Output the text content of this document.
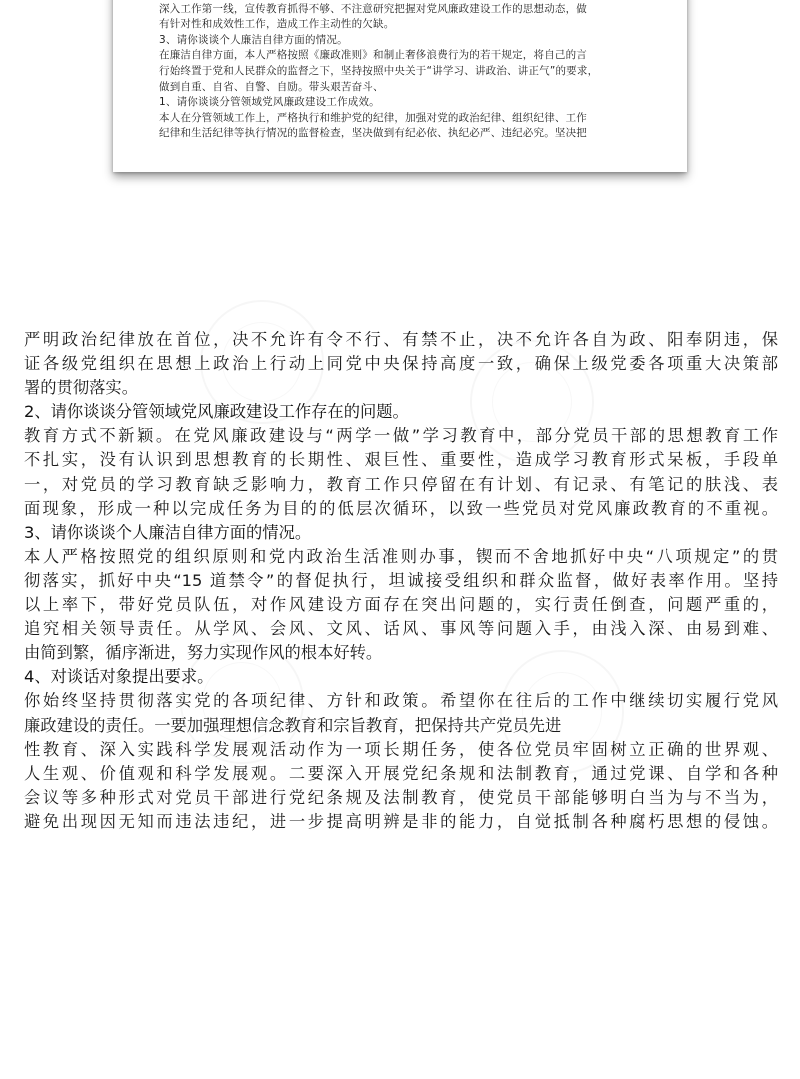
深入工作第一线，宣传教育抓得不够、不注意研究把握对党风廉政建设工作的思想动态，做
有针对性和成效性工作，造成工作主动性的欠缺。
3、请你谈谈个人廉洁自律方面的情况。
在廉洁自律方面，本人严格按照《廉政准则》和制止奢侈浪费行为的若干规定，将自己的言
行始终置于党和人民群众的监督之下，坚持按照中央关于“讲学习、讲政治、讲正气”的要求，
做到自重、自省、自警、自励。带头艰苦奋斗、
1、请你谈谈分管领域党风廉政建设工作成效。
本人在分管领域工作上，严格执行和维护党的纪律，加强对党的政治纪律、组织纪律、工作
纪律和生活纪律等执行情况的监督检查，坚决做到有纪必依、执纪必严、违纪必究。坚决把
严明政治纪律放在首位，决不允许有令不行、有禁不止，决不允许各自为政、阳奉阴违，保
证各级党组织在思想上政治上行动上同党中央保持高度一致，确保上级党委各项重大决策部
署的贯彻落实。
2、请你谈谈分管领域党风廉政建设工作存在的问题。
教育方式不新颖。在党风廉政建设与“两学一做”学习教育中，部分党员干部的思想教育工作
不扎实，没有认识到思想教育的长期性、艰巨性、重要性，造成学习教育形式呆板，手段单
一，对党员的学习教育缺乏影响力，教育工作只停留在有计划、有记录、有笔记的肤浅、表
面现象，形成一种以完成任务为目的的低层次循环，以致一些党员对党风廉政教育的不重视。
3、请你谈谈个人廉洁自律方面的情况。
本人严格按照党的组织原则和党内政治生活准则办事，锲而不舍地抓好中央“八项规定”的贯
彻落实，抓好中央“15 道禁令”的督促执行，坦诚接受组织和群众监督，做好表率作用。坚持
以上率下，带好党员队伍，对作风建设方面存在突出问题的，实行责任倒查，问题严重的，
追究相关领导责任。从学风、会风、文风、话风、事风等问题入手，由浅入深、由易到难、
由简到繁，循序渐进，努力实现作风的根本好转。
4、对谈话对象提出要求。
你始终坚持贯彻落实党的各项纪律、方针和政策。希望你在往后的工作中继续切实履行党风
廉政建设的责任。一要加强理想信念教育和宗旨教育，把保持共产党员先进
性教育、深入实践科学发展观活动作为一项长期任务，使各位党员牢固树立正确的世界观、
人生观、价值观和科学发展观。二要深入开展党纪条规和法制教育，通过党课、自学和各种
会议等多种形式对党员干部进行党纪条规及法制教育，使党员干部能够明白当为与不当为，
避免出现因无知而违法违纪，进一步提高明辨是非的能力，自觉抵制各种腐朽思想的侵蚀。
